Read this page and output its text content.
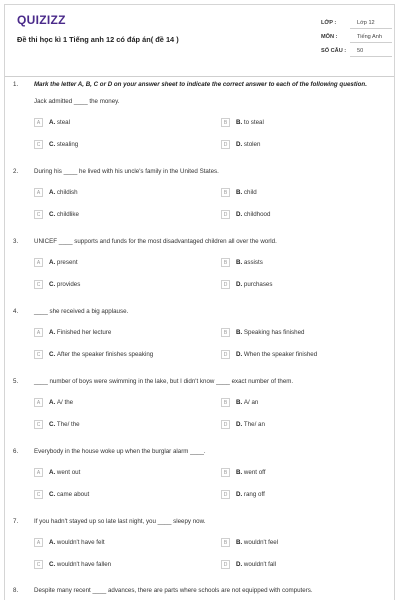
QUIZIZZ
Đề thi học kì 1 Tiếng anh 12 có đáp án( đề 14 )
LỚP :	Lớp 12
MÔN :	Tiếng Anh
SỐ CÂU : 50
1.	Mark the letter A, B, C or D on your answer sheet to indicate the correct answer to each of the following question.
Jack admitted ____ the money.
A	A. steal	B	B. to steal
C	C. stealing	D	D. stolen
2.	During his ____ he lived with his uncle's family in the United States.
A	A. childish	B	B. child
C	C. childlike	D	D. childhood
3.	UNICEF ____ supports and funds for the most disadvantaged children all over the world.
A	A. present	B	B. assists
C	C. provides	D	D. purchases
4.	____ she received a big applause.
A	A. Finished her lecture	B	B. Speaking has finished
C	C. After the speaker finishes speaking	D	D. When the speaker finished
5.	____ number of boys were swimming in the lake, but I didn't know ____ exact number of them.
A	A. A/ the	B	B. A/ an
C	C. The/ the	D	D. The/ an
6.	Everybody in the house woke up when the burglar alarm ____.
A	A. went out	B	B. went off
C	C. came about	D	D. rang off
7.	If you hadn't stayed up so late last night, you ____ sleepy now.
A	A. wouldn't have felt	B	B. wouldn't feel
C	C. wouldn't have fallen	D	D. wouldn't fall
8.	Despite many recent ____ advances, there are parts where schools are not equipped with computers.
